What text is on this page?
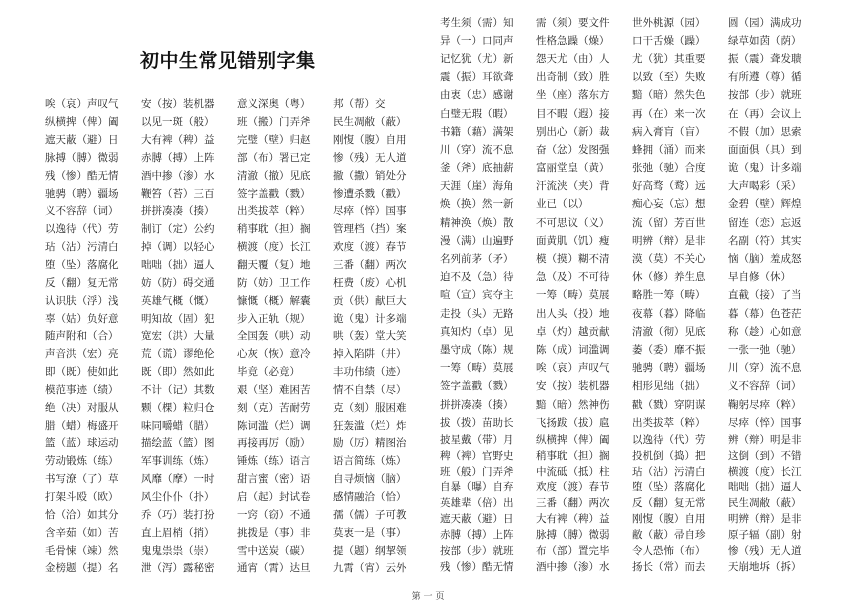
初中生常见错别字集
唉（哀）声叹气	安（按）装机器	意义深奥（粤）	邦（帮）交
纵横捭（俾）阖	以见一斑（般）	班（搬）门弄斧	民生凋敝（蔽）
遮天蔽（避）日	大有裨（稗）益	完璧（壁）归赵	刚愎（腹）自用
脉搏（膊）微弱	赤膊（搏）上阵	部（布）署已定	惨（残）无人道
残（惨）酷无情	酒中掺（渗）水	清澈（撤）见底	撤（撒）销处分
驰骋（聘）疆场	鞭笞（苔）三百	签字盖戳（戮）	惨遭杀戮（戳）
义不容辞（词）	拼拼凑凑（揍）	出类拔萃（粹）	尽瘁（悴）国事
以逸待（代）劳	制订（定）公约	稍事耽（担）搁	管理档（挡）案
玷（沾）污清白	掉（调）以轻心	横渡（度）长江	欢度（渡）春节
堕（坠）落腐化	咄咄（拙）逼人	翻天覆（复）地	三番（翻）两次
反（翻）复无常	妨（防）碍交通	防（妨）卫工作	枉费（废）心机
认识肤（浮）浅	英雄气概（慨）	慷慨（概）解囊	贡（供）献巨大
辜（姑）负好意	明知故（固）犯	步入正轨（规）	诡（鬼）计多端
随声附和（合）	宽宏（洪）大量	全国轰（哄）动	哄（轰）堂大笑
声音洪（宏）亮	荒（谎）谬绝伦	心灰（恢）意冷	掉入陷阱（井）
即（既）使如此	既（即）然如此	毕竟（必竟）	丰功伟绩（迹）
模范事迹（绩）	不计（记）其数	艰（坚）难困苦	情不自禁（尽）
绝（决）对服从	颗（棵）粒归仓	刻（克）苦耐劳	克（刻）服困难
腊（蜡）梅盛开	味同嚼蜡（腊）	陈词滥（烂）调	狂轰滥（烂）炸
篮（蓝）球运动	描绘蓝（篮）图	再接再厉（励）	励（厉）精图治
劳动锻炼（练）	军事训练（炼）	锤炼（练）语言	语言简练（炼）
书写潦（了）草	风靡（摩）一时	甜言蜜（密）语	自寻烦恼（脑）
打架斗殴（欧）	风尘仆仆（扑）	启（起）封试卷	感情融洽（恰）
恰（洽）如其分	乔（巧）装打扮	一窍（窃）不通	孺（儒）子可教
含辛茹（如）苦	直上眉梢（捎）	挑拨是（事）非	莫衷一是（事）
毛骨悚（竦）然	鬼鬼祟祟（崇）	雪中送炭（碳）	提（题）纲挈领
金榜题（提）名	泄（泻）露秘密	通宵（霄）达旦	九霄（宵）云外
考生须（需）知	需（须）要文件	世外桃源（园）	圆（园）满成功
异（一）口同声	性格急躁（燥）	口干舌燥（躁）	绿草如茵（荫）
记忆犹（尤）新	怨天尤（由）人	尤（犹）其重要	振（震）聋发聩
震（振）耳欲聋	出奇制（致）胜	以致（至）失败	有所遵（尊）循
由衷（忠）感谢	坐（座）落东方	黯（暗）然失色	按部（步）就班
白璧无瑕（暇）	目不暇（遐）接	再（在）来一次	在（再）会议上
书籍（藉）满架	别出心（新）裁	病入膏肓（盲）	不假（加）思索
川（穿）流不息	奋（忿）发图强	蜂拥（涌）而来	面面俱（具）到
釜（斧）底抽薪	富丽堂皇（黄）	张弛（驰）合度	诡（鬼）计多端
天涯（崖）海角	汗流浃（夹）背	好高骛（鹜）远	大声喝彩（采）
焕（换）然一新	业已（以）	痴心妄（忘）想	金碧（壁）辉煌
精神涣（焕）散	不可思议（义）	流（留）芳百世	留连（恋）忘返
漫（满）山遍野	面黄肌（饥）瘦	明辨（辩）是非	名副（符）其实
名列前茅（矛）	模（摸）糊不清	漠（莫）不关心	恼（脑）羞成怒
迫不及（急）待	急（及）不可待	休（修）养生息	早自修（休）
喧（宣）宾夺主	一筹（畴）莫展	略胜一筹（畴）	直截（接）了当
走投（头）无路	出人头（投）地	夜幕（暮）降临	暮（幕）色苍茫
真知灼（卓）见	卓（灼）越贡献	清澈（彻）见底	称（趁）心如意
墨守成（陈）规	陈（成）词滥调	萎（委）靡不振	一张一弛（驰）
一筹（畴）莫展	唉（哀）声叹气	驰骋（聘）疆场	川（穿）流不息
签字盖戳（戮）	安（按）装机器	相形见绌（拙）	义不容辞（词）
拼拼凑凑（揍）	黯（暗）然神伤	戳（戮）穿阴谋	鞠躬尽瘁（粹）
拔（拨）苗助长	飞扬跋（拔）扈	出类拔萃（粹）	尽瘁（悴）国事
披星戴（带）月	纵横捭（俾）阖	以逸待（代）劳	辨（辩）明是非
稗（裨）官野史	稍事耽（担）搁	投机倒（捣）把	这倒（到）不错
班（般）门弄斧	中流砥（抵）柱	玷（沾）污清白	横渡（度）长江
自暴（曝）自弃	欢度（渡）春节	堕（坠）落腐化	咄咄（拙）逼人
英雄辈（倍）出	三番（翻）两次	反（翻）复无常	民生凋敝（蔽）
遮天蔽（避）日	大有裨（稗）益	刚愎（腹）自用	明辨（辩）是非
赤膊（搏）上阵	脉搏（膊）微弱	敝（蔽）帚自珍	原子辐（副）射
按部（步）就班	布（部）置完毕	令人恐怖（布）	惨（残）无人道
残（惨）酷无情	酒中掺（渗）水	扬长（常）而去	天崩地坼（拆）
第 一 页
